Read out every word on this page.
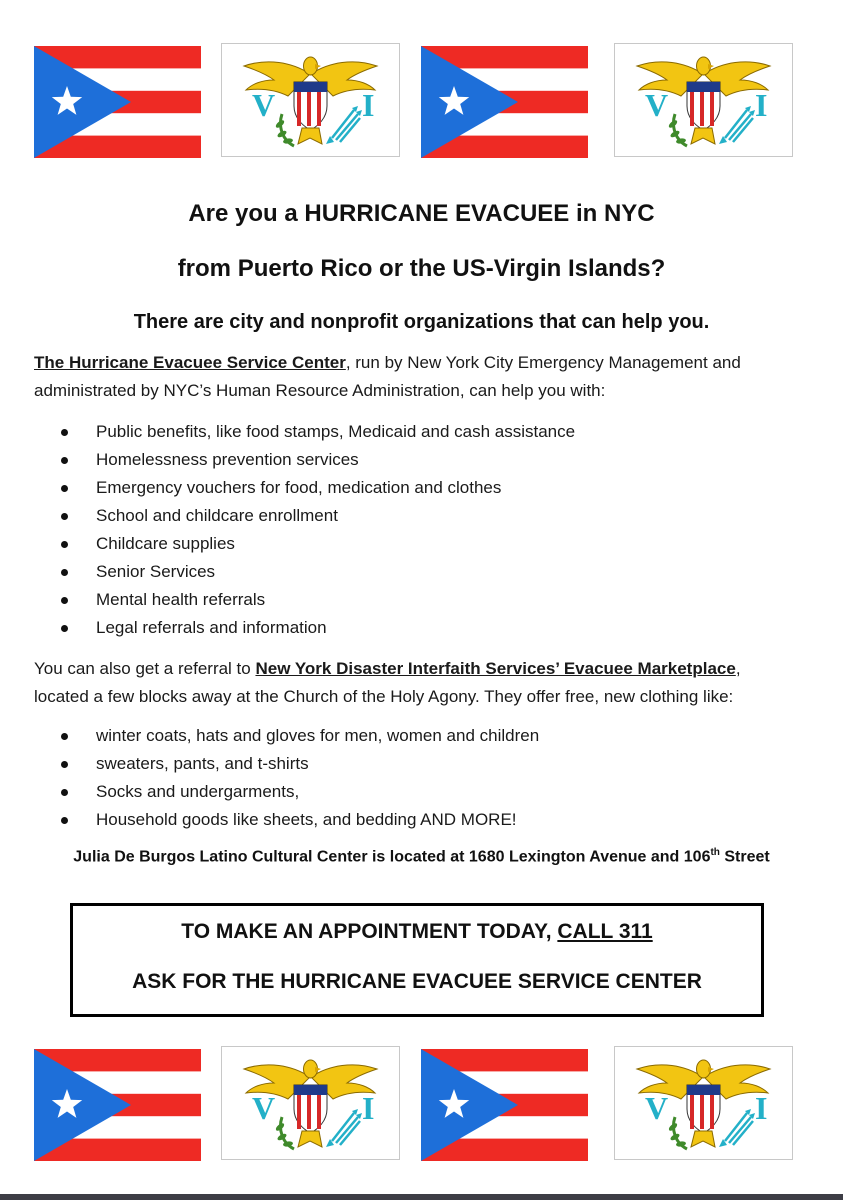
V	I	V	I
Are you a HURRICANE EVACUEE in NYC
from Puerto Rico or the US-Virgin Islands?
There are city and nonprofit organizations that can help you.
The Hurricane Evacuee Service Center, run by New York City Emergency Management and
administrated by NYC’s Human Resource Administration, can help you with:
Public benefits, like food stamps, Medicaid and cash assistance
Homelessness prevention services
Emergency vouchers for food, medication and clothes
School and childcare enrollment
Childcare supplies
Senior Services
Mental health referrals
Legal referrals and information
You can also get a referral to New York Disaster Interfaith Services’ Evacuee Marketplace,
located a few blocks away at the Church of the Holy Agony. They offer free, new clothing like:
winter coats, hats and gloves for men, women and children
sweaters, pants, and t-shirts
Socks and undergarments,
Household goods like sheets, and bedding AND MORE!
Julia De Burgos Latino Cultural Center is located at 1680 Lexington Avenue and 106th Street
TO MAKE AN APPOINTMENT TODAY, CALL 311
ASK FOR THE HURRICANE EVACUEE SERVICE CENTER
V	I	V	I
